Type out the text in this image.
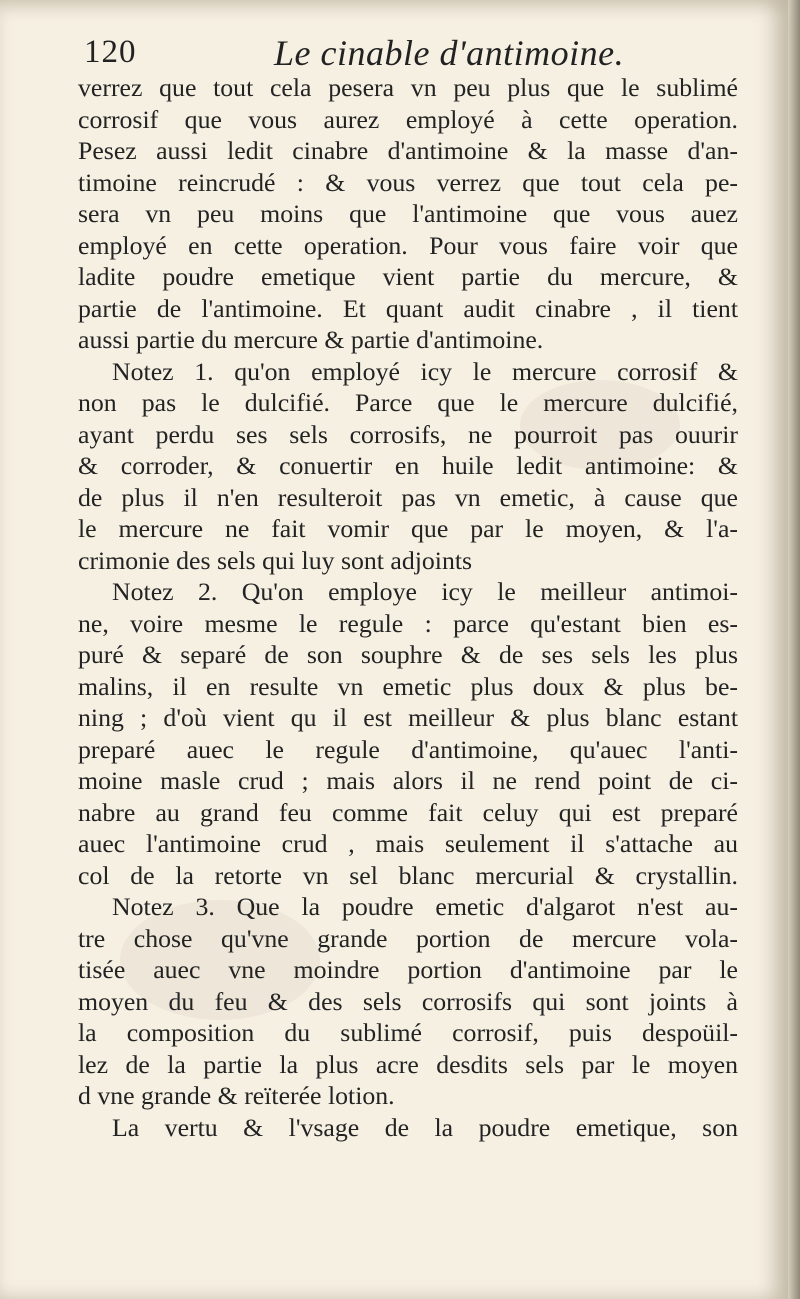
120	Le cinable d'antimoine.
verrez que tout cela pesera vn peu plus que le sublimé
corrosif que vous aurez employé à cette operation.
Pesez aussi ledit cinabre d'antimoine & la masse d'an-
timoine reincrudé : & vous verrez que tout cela pe-
sera vn peu moins que l'antimoine que vous auez
employé en cette operation. Pour vous faire voir que
ladite poudre emetique vient partie du mercure, &
partie de l'antimoine. Et quant audit cinabre , il tient
aussi partie du mercure & partie d'antimoine.
Notez 1. qu'on employé icy le mercure corrosif &
non pas le dulcifié. Parce que le mercure dulcifié,
ayant perdu ses sels corrosifs, ne pourroit pas ouurir
& corroder, & conuertir en huile ledit antimoine: &
de plus il n'en resulteroit pas vn emetic, à cause que
le mercure ne fait vomir que par le moyen, & l'a-
crimonie des sels qui luy sont adjoints
Notez 2. Qu'on employe icy le meilleur antimoi-
ne, voire mesme le regule : parce qu'estant bien es-
puré & separé de son souphre & de ses sels les plus
malins, il en resulte vn emetic plus doux & plus be-
ning ; d'où vient qu il est meilleur & plus blanc estant
preparé auec le regule d'antimoine, qu'auec l'anti-
moine masle crud ; mais alors il ne rend point de ci-
nabre au grand feu comme fait celuy qui est preparé
auec l'antimoine crud , mais seulement il s'attache au
col de la retorte vn sel blanc mercurial & crystallin.
Notez 3. Que la poudre emetic d'algarot n'est au-
tre chose qu'vne grande portion de mercure vola-
tisée auec vne moindre portion d'antimoine par le
moyen du feu & des sels corrosifs qui sont joints à
la composition du sublimé corrosif, puis despoüil-
lez de la partie la plus acre desdits sels par le moyen
d vne grande & reïterée lotion.
La vertu & l'vsage de la poudre emetique, son
